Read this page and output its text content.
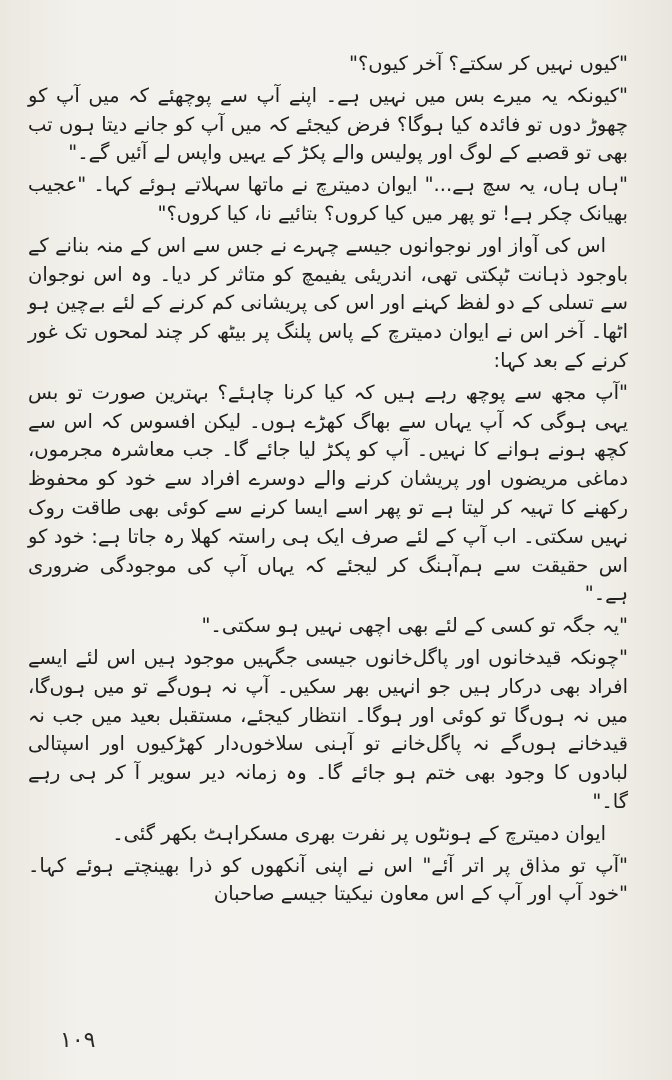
"کیوں نہیں کر سکتے؟ آخر کیوں؟"

"کیونکہ یہ میرے بس میں نہیں ہے۔ اپنے آپ سے پوچھئے کہ میں آپ کو چھوڑ دوں تو فائدہ کیا ہوگا؟ فرض کیجئے کہ میں آپ کو جانے دیتا ہوں تب بھی تو قصبے کے لوگ اور پولیس والے پکڑ کے یہیں واپس لے آئیں گے۔"

"ہاں ہاں، یہ سچ ہے..." ایوان دمیترچ نے ماتھا سہلاتے ہوئے کہا۔ "عجیب بھیانک چکر ہے! تو پھر میں کیا کروں؟ بتائیے نا، کیا کروں؟"

اس کی آواز اور نوجوانوں جیسے چہرے نے جس سے اس کے منہ بنانے کے باوجود ذہانت ٹپکتی تھی، اندریئی یفیمچ کو متاثر کر دیا۔ وہ اس نوجوان سے تسلی کے دو لفظ کہنے اور اس کی پریشانی کم کرنے کے لئے بےچین ہو اٹھا۔ آخر اس نے ایوان دمیترچ کے پاس پلنگ پر بیٹھ کر چند لمحوں تک غور کرنے کے بعد کہا:

"آپ مجھ سے پوچھ رہے ہیں کہ کیا کرنا چاہئے؟ بہترین صورت تو بس یہی ہوگی کہ آپ یہاں سے بھاگ کھڑے ہوں۔ لیکن افسوس کہ اس سے کچھ ہونے ہوانے کا نہیں۔ آپ کو پکڑ لیا جائے گا۔ جب معاشرہ مجرموں، دماغی مریضوں اور پریشان کرنے والے دوسرے افراد سے خود کو محفوظ رکھنے کا تہیہ کر لیتا ہے تو پھر اسے ایسا کرنے سے کوئی بھی طاقت روک نہیں سکتی۔ اب آپ کے لئے صرف ایک ہی راستہ کھلا رہ جاتا ہے: خود کو اس حقیقت سے ہم‌آہنگ کر لیجئے کہ یہاں آپ کی موجودگی ضروری ہے۔"

"یہ جگہ تو کسی کے لئے بھی اچھی نہیں ہو سکتی۔"

"چونکہ قیدخانوں اور پاگل‌خانوں جیسی جگہیں موجود ہیں اس لئے ایسے افراد بھی درکار ہیں جو انہیں بھر سکیں۔ آپ نہ ہوں‌گے تو میں ہوں‌گا، میں نہ ہوں‌گا تو کوئی اور ہوگا۔ انتظار کیجئے، مستقبل بعید میں جب نہ قیدخانے ہوں‌گے نہ پاگل‌خانے تو آہنی سلاخوں‌دار کھڑکیوں اور اسپتالی لبادوں کا وجود بھی ختم ہو جائے گا۔ وہ زمانہ دیر سویر آ کر ہی رہے گا۔"

ایوان دمیترچ کے ہونٹوں پر نفرت بھری مسکراہٹ بکھر گئی۔

"آپ تو مذاق پر اتر آئے" اس نے اپنی آنکھوں کو ذرا بھینچتے ہوئے کہا۔ "خود آپ اور آپ کے اس معاون نیکیتا جیسے صاحبان

۱۰۹
